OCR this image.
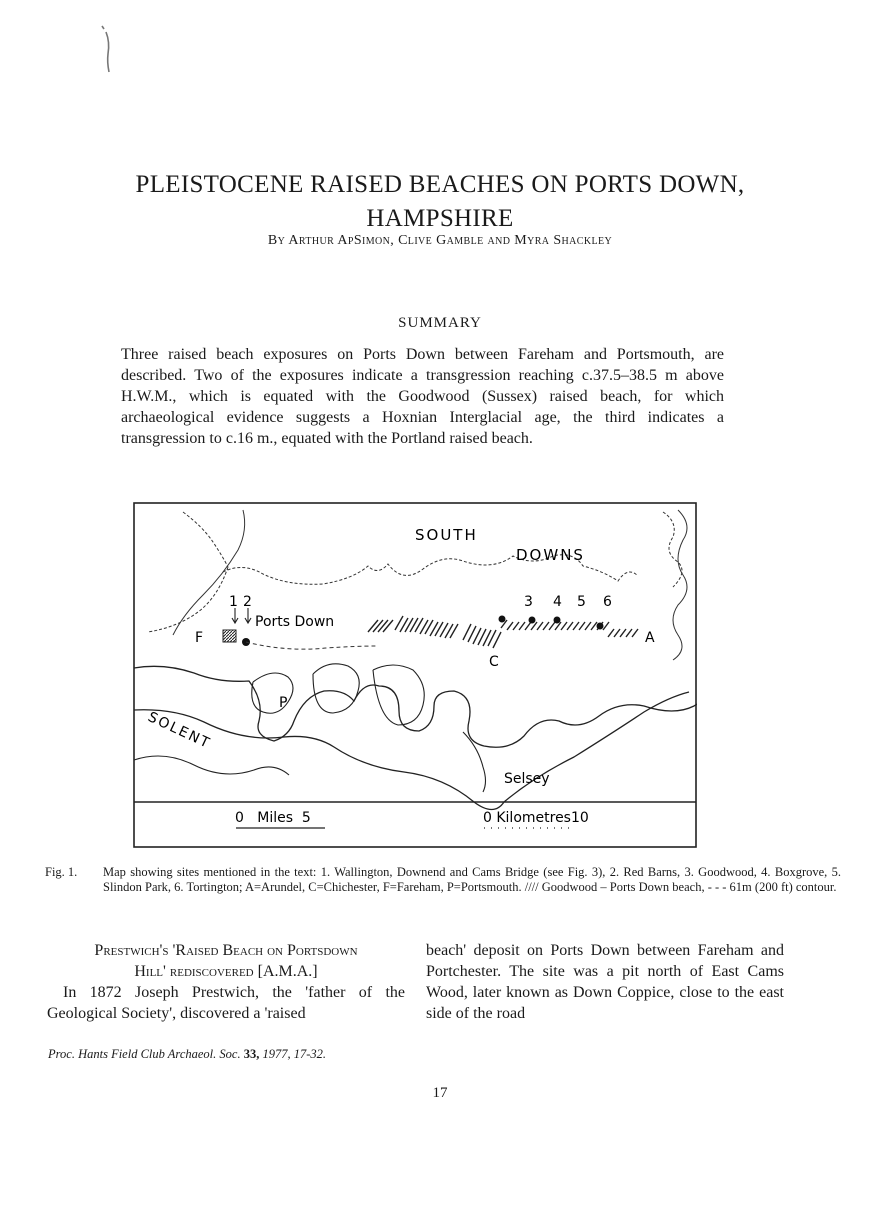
PLEISTOCENE RAISED BEACHES ON PORTS DOWN,
HAMPSHIRE
By Arthur ApSimon, Clive Gamble and Myra Shackley
SUMMARY
Three raised beach exposures on Ports Down between Fareham and Portsmouth, are described. Two of the exposures indicate a transgression reaching c.37.5–38.5 m above H.W.M., which is equated with the Goodwood (Sussex) raised beach, for which archaeological evidence suggests a Hoxnian Interglacial age, the third indicates a transgression to c.16 m., equated with the Portland raised beach.
SOUTH
DOWNS
Ports Down
F
P
C
A
1 2	3 4 5 6
SOLENT
Selsey
0   Miles  5	0 Kilometres10
Fig. 1. Map showing sites mentioned in the text: 1. Wallington, Downend and Cams Bridge (see Fig. 3), 2. Red Barns, 3. Goodwood, 4. Boxgrove, 5. Slindon Park, 6. Tortington; A=Arundel, C=Chichester, F=Fareham, P=Portsmouth. //// Goodwood – Ports Down beach, - - - 61m (200 ft) contour.
Prestwich's 'Raised Beach on Portsdown
Hill' rediscovered [A.M.A.]
In 1872 Joseph Prestwich, the 'father of the Geological Society', discovered a 'raised
beach' deposit on Ports Down between Fareham and Portchester. The site was a pit north of East Cams Wood, later known as Down Coppice, close to the east side of the road
Proc. Hants Field Club Archaeol. Soc. 33, 1977, 17-32.
17
